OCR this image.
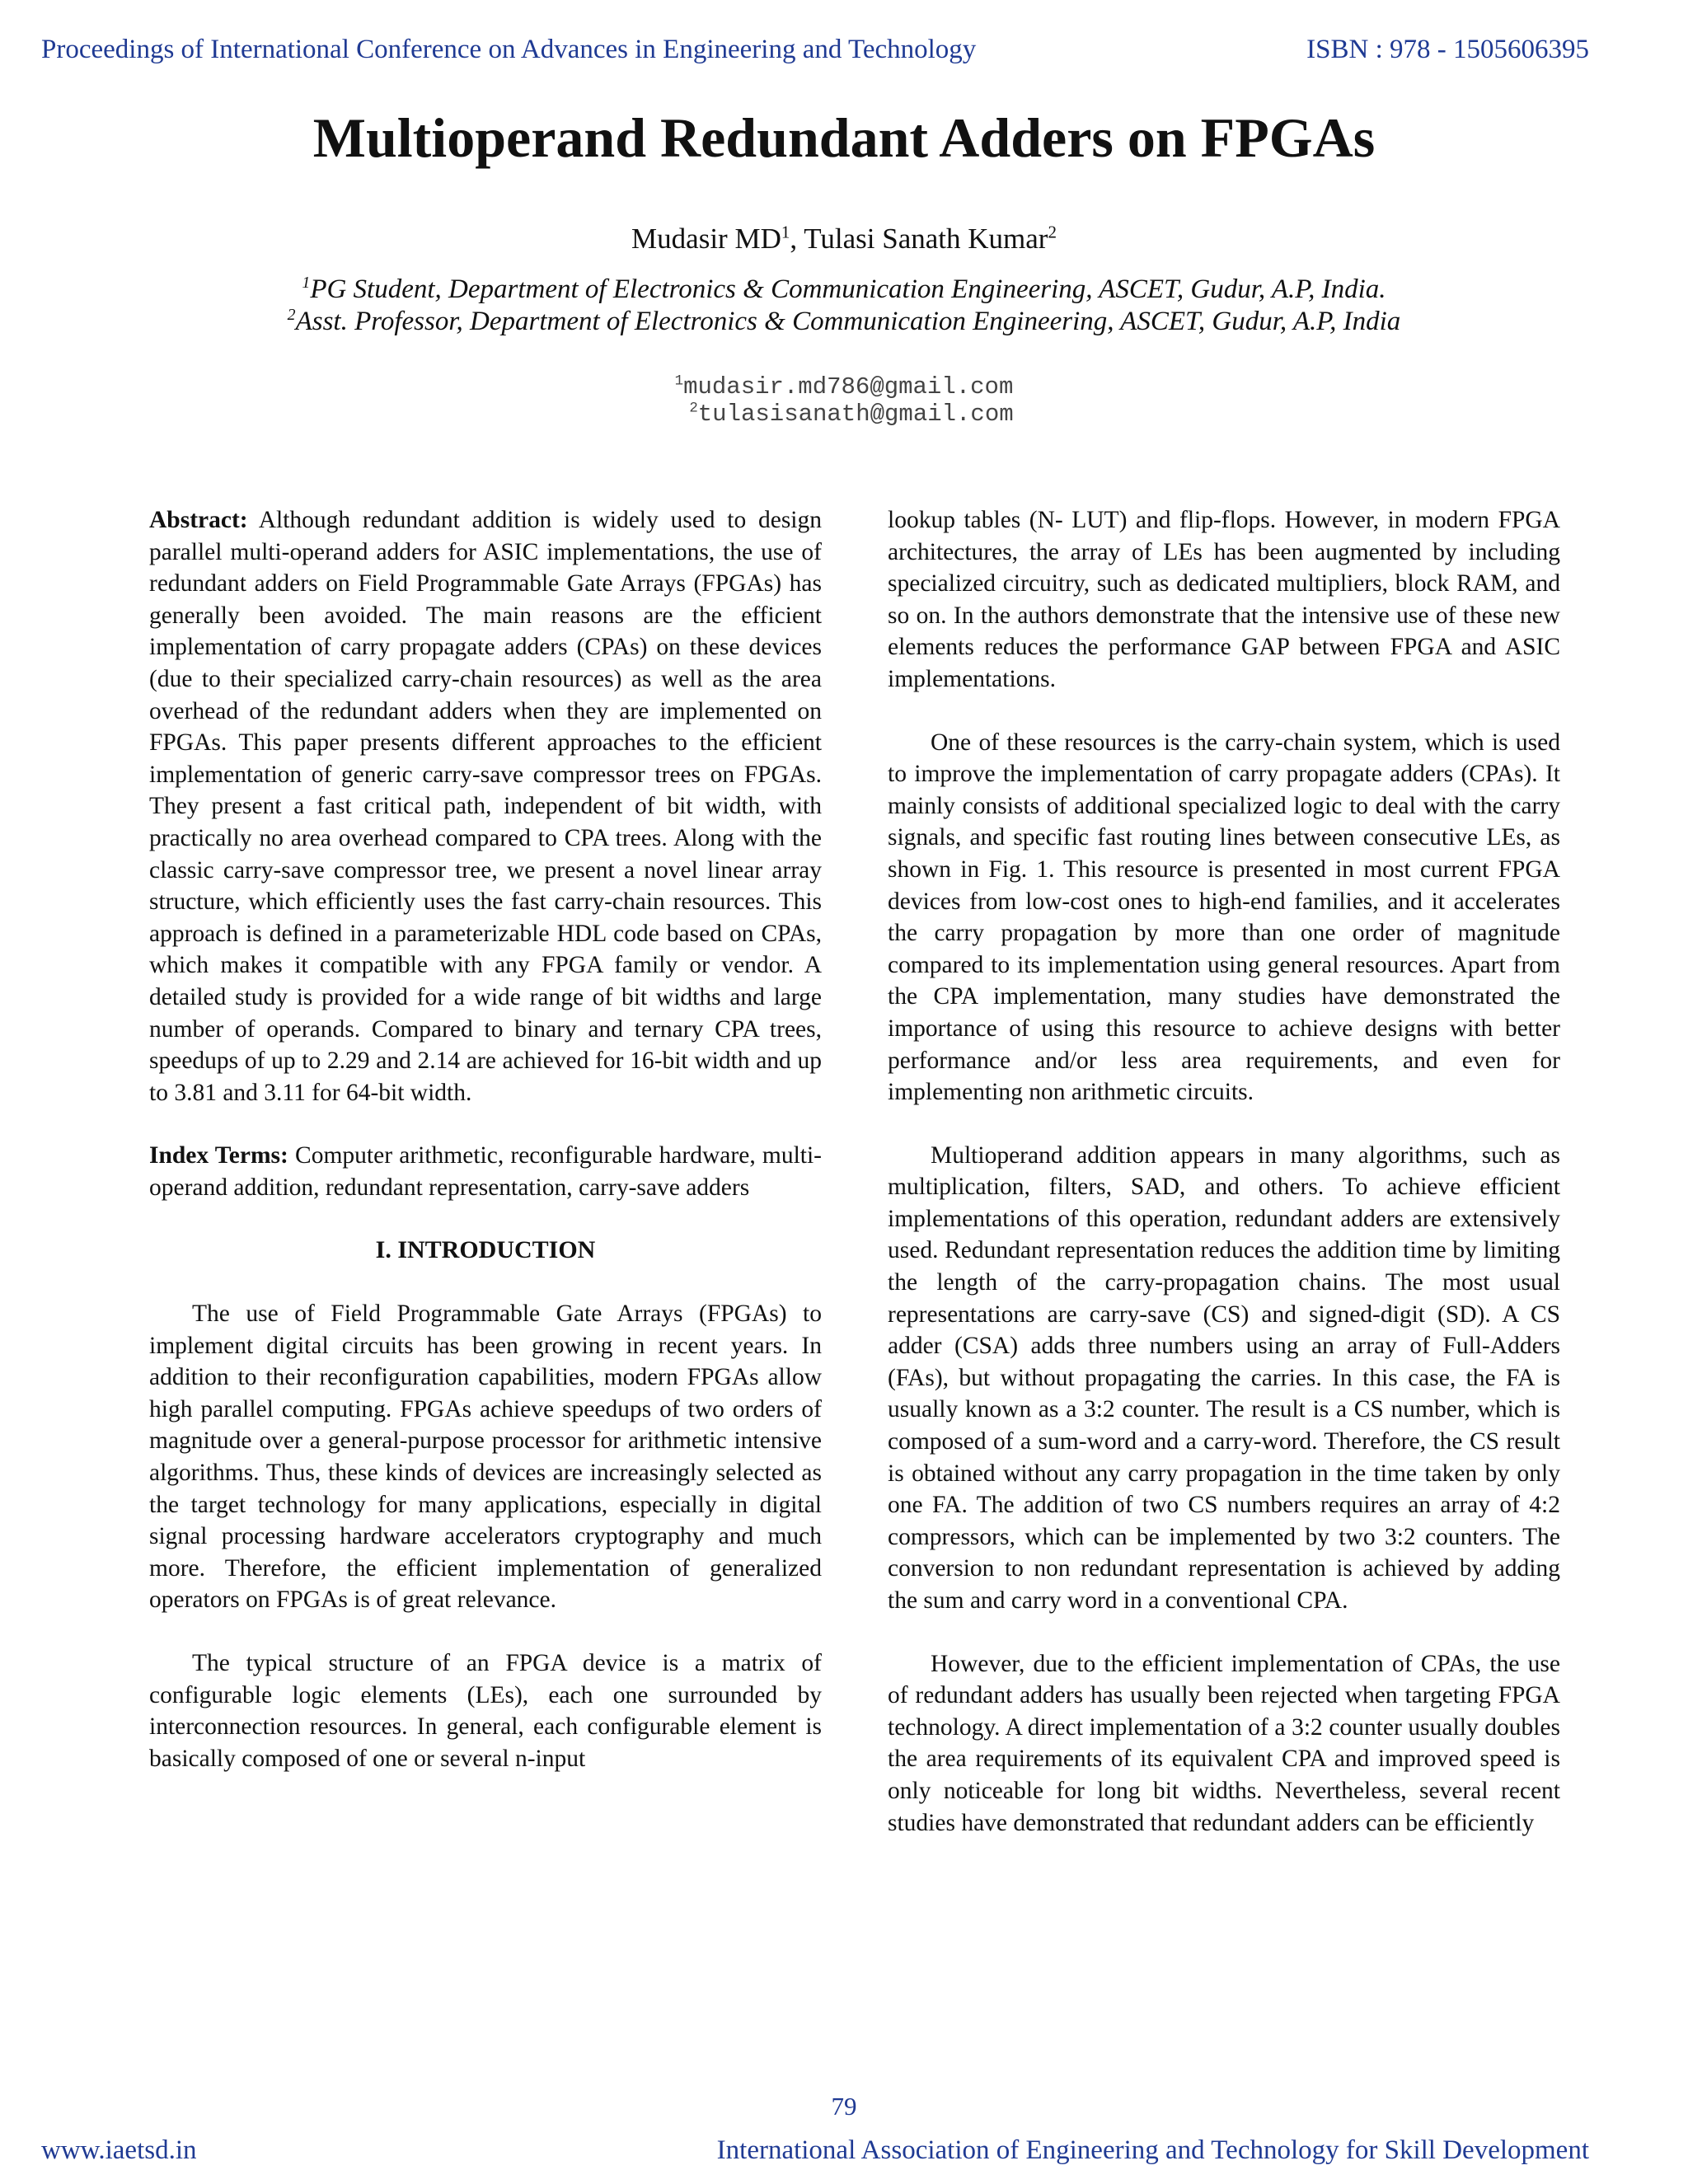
Proceedings of International Conference on Advances in Engineering and Technology	ISBN : 978 - 1505606395
Multioperand Redundant Adders on FPGAs
Mudasir $MD^1$, Tulasi Sanath Kumar$^2$
$^1$PG Student, Department of Electronics & Communication Engineering, ASCET, Gudur, A.P, India.
$^2$Asst. Professor, Department of Electronics & Communication Engineering, ASCET, Gudur, A.P, India
$^1$mudasir.md786@gmail.com
$^2$tulasisanath@gmail.com

Abstract: Although redundant addition is widely used to design parallel multi-operand adders for ASIC implementations, the use of redundant adders on Field Programmable Gate Arrays (FPGAs) has generally been avoided. The main reasons are the efficient implementation of carry propagate adders (CPAs) on these devices (due to their specialized carry-chain resources) as well as the area overhead of the redundant adders when they are implemented on FPGAs. This paper presents different approaches to the efficient implementation of generic carry-save compressor trees on FPGAs. They present a fast critical path, independent of bit width, with practically no area overhead compared to CPA trees. Along with the classic carry-save compressor tree, we present a novel linear array structure, which efficiently uses the fast carry-chain resources. This approach is defined in a parameterizable HDL code based on CPAs, which makes it compatible with any FPGA family or vendor. A detailed study is provided for a wide range of bit widths and large number of operands. Compared to binary and ternary CPA trees, speedups of up to 2.29 and 2.14 are achieved for 16-bit width and up to 3.81 and 3.11 for 64-bit width.

Index Terms: Computer arithmetic, reconfigurable hardware, multi-operand addition, redundant representation, carry-save adders

I. INTRODUCTION

The use of Field Programmable Gate Arrays (FPGAs) to implement digital circuits has been growing in recent years. In addition to their reconfiguration capabilities, modern FPGAs allow high parallel computing. FPGAs achieve speedups of two orders of magnitude over a general-purpose processor for arithmetic intensive algorithms. Thus, these kinds of devices are increasingly selected as the target technology for many applications, especially in digital signal processing hardware accelerators cryptography and much more. Therefore, the efficient implementation of generalized operators on FPGAs is of great relevance.

The typical structure of an FPGA device is a matrix of configurable logic elements (LEs), each one surrounded by interconnection resources. In general, each configurable element is basically composed of one or several n-input

lookup tables (N- LUT) and flip-flops. However, in modern FPGA architectures, the array of LEs has been augmented by including specialized circuitry, such as dedicated multipliers, block RAM, and so on. In the authors demonstrate that the intensive use of these new elements reduces the performance GAP between FPGA and ASIC implementations.

One of these resources is the carry-chain system, which is used to improve the implementation of carry propagate adders (CPAs). It mainly consists of additional specialized logic to deal with the carry signals, and specific fast routing lines between consecutive LEs, as shown in Fig. 1. This resource is presented in most current FPGA devices from low-cost ones to high-end families, and it accelerates the carry propagation by more than one order of magnitude compared to its implementation using general resources. Apart from the CPA implementation, many studies have demonstrated the importance of using this resource to achieve designs with better performance and/or less area requirements, and even for implementing non arithmetic circuits.

Multioperand addition appears in many algorithms, such as multiplication, filters, SAD, and others. To achieve efficient implementations of this operation, redundant adders are extensively used. Redundant representation reduces the addition time by limiting the length of the carry-propagation chains. The most usual representations are carry-save (CS) and signed-digit (SD). A CS adder (CSA) adds three numbers using an array of Full-Adders (FAs), but without propagating the carries. In this case, the FA is usually known as a 3:2 counter. The result is a CS number, which is composed of a sum-word and a carry-word. Therefore, the CS result is obtained without any carry propagation in the time taken by only one FA. The addition of two CS numbers requires an array of 4:2 compressors, which can be implemented by two 3:2 counters. The conversion to non redundant representation is achieved by adding the sum and carry word in a conventional CPA.

However, due to the efficient implementation of CPAs, the use of redundant adders has usually been rejected when targeting FPGA technology. A direct implementation of a 3:2 counter usually doubles the area requirements of its equivalent CPA and improved speed is only noticeable for long bit widths. Nevertheless, several recent studies have demonstrated that redundant adders can be efficiently

79
www.iaetsd.in	International Association of Engineering and Technology for Skill Development
